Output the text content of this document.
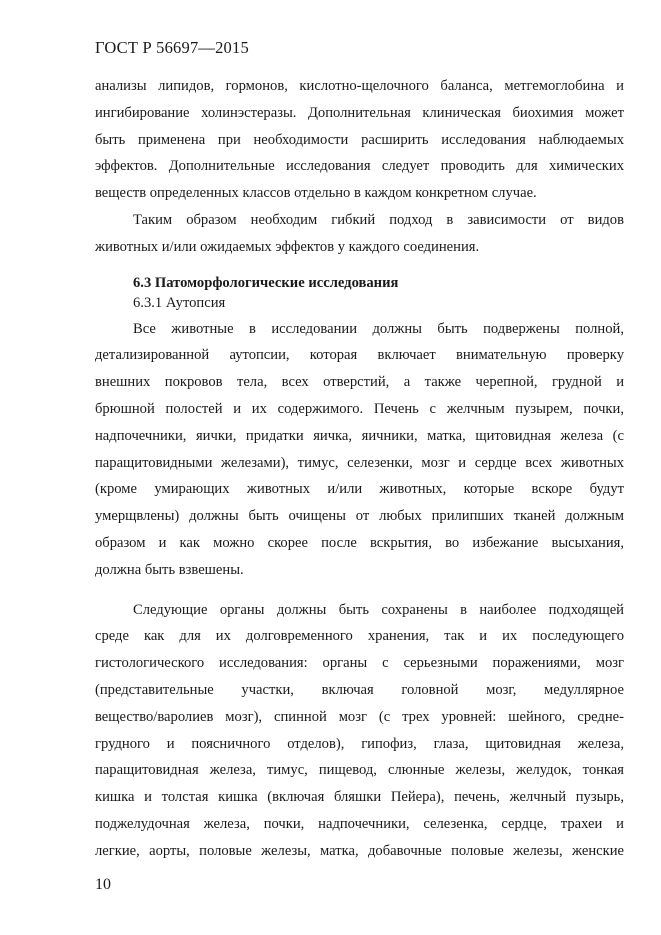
ГОСТ Р 56697—2015

анализы липидов, гормонов, кислотно-щелочного баланса, метгемоглобина и
ингибирование холинэстеразы. Дополнительная клиническая биохимия может
быть применена при необходимости расширить исследования наблюдаемых
эффектов. Дополнительные исследования следует проводить для химических
веществ определенных классов отдельно в каждом конкретном случае.

Таким образом необходим гибкий подход в зависимости от видов
животных и/или ожидаемых эффектов у каждого соединения.

6.3 Патоморфологические исследования
6.3.1 Аутопсия

Все животные в исследовании должны быть подвержены полной,
детализированной аутопсии, которая включает внимательную проверку
внешних покровов тела, всех отверстий, а также черепной, грудной и
брюшной полостей и их содержимого. Печень с желчным пузырем, почки,
надпочечники, яички, придатки яичка, яичники, матка, щитовидная железа (с
паращитовидными железами), тимус, селезенки, мозг и сердце всех животных
(кроме умирающих животных и/или животных, которые вскоре будут
умерщвлены) должны быть очищены от любых прилипших тканей должным
образом и как можно скорее после вскрытия, во избежание высыхания,
должна быть взвешены.

Следующие органы должны быть сохранены в наиболее подходящей
среде как для их долговременного хранения, так и их последующего
гистологического исследования: органы с серьезными поражениями, мозг
(представительные участки, включая головной мозг, медуллярное
вещество/варолиев мозг), спинной мозг (с трех уровней: шейного, средне-
грудного и поясничного отделов), гипофиз, глаза, щитовидная железа,
паращитовидная железа, тимус, пищевод, слюнные железы, желудок, тонкая
кишка и толстая кишка (включая бляшки Пейера), печень, желчный пузырь,
поджелудочная железа, почки, надпочечники, селезенка, сердце, трахеи и
легкие, аорты, половые железы, матка, добавочные половые железы, женские

10
